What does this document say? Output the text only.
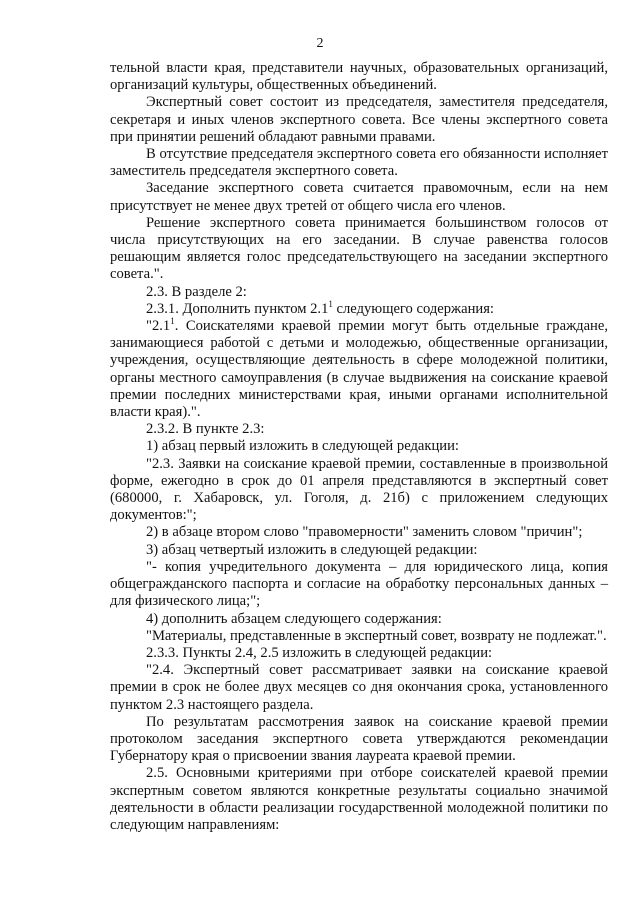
2

тельной власти края, представители научных, образовательных организаций, организаций культуры, общественных объединений.

Экспертный совет состоит из председателя, заместителя председателя, секретаря и иных членов экспертного совета. Все члены экспертного совета при принятии решений обладают равными правами.

В отсутствие председателя экспертного совета его обязанности исполняет заместитель председателя экспертного совета.

Заседание экспертного совета считается правомочным, если на нем присутствует не менее двух третей от общего числа его членов.

Решение экспертного совета принимается большинством голосов от числа присутствующих на его заседании. В случае равенства голосов решающим является голос председательствующего на заседании экспертного совета.".

2.3. В разделе 2:

2.3.1. Дополнить пунктом $2.1^1$ следующего содержания:

"$2.1^1$. Соискателями краевой премии могут быть отдельные граждане, занимающиеся работой с детьми и молодежью, общественные организации, учреждения, осуществляющие деятельность в сфере молодежной политики, органы местного самоуправления (в случае выдвижения на соискание краевой премии последних министерствами края, иными органами исполнительной власти края).".

2.3.2. В пункте 2.3:

1) абзац первый изложить в следующей редакции:

"2.3. Заявки на соискание краевой премии, составленные в произвольной форме, ежегодно в срок до 01 апреля представляются в экспертный совет (680000, г. Хабаровск, ул. Гоголя, д. 21б) с приложением следующих документов:";

2) в абзаце втором слово "правомерности" заменить словом "причин";

3) абзац четвертый изложить в следующей редакции:

"- копия учредительного документа – для юридического лица, копия общегражданского паспорта и согласие на обработку персональных данных – для физического лица;";

4) дополнить абзацем следующего содержания:

"Материалы, представленные в экспертный совет, возврату не подлежат.".

2.3.3. Пункты 2.4, 2.5 изложить в следующей редакции:

"2.4. Экспертный совет рассматривает заявки на соискание краевой премии в срок не более двух месяцев со дня окончания срока, установленного пунктом 2.3 настоящего раздела.

По результатам рассмотрения заявок на соискание краевой премии протоколом заседания экспертного совета утверждаются рекомендации Губернатору края о присвоении звания лауреата краевой премии.

2.5. Основными критериями при отборе соискателей краевой премии экспертным советом являются конкретные результаты социально значимой деятельности в области реализации государственной молодежной политики по следующим направлениям:
